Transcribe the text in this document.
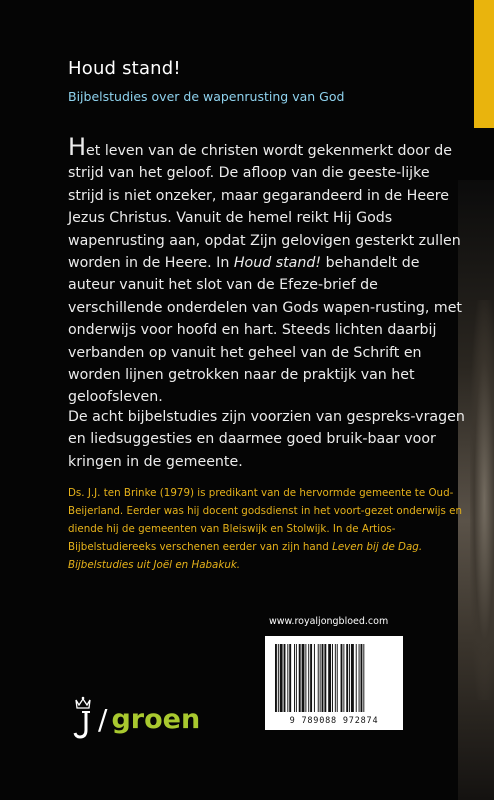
Houd stand!
Bijbelstudies over de wapenrusting van God

Het leven van de christen wordt gekenmerkt door de strijd van het geloof. De afloop van die geeste-lijke strijd is niet onzeker, maar gegarandeerd in de Heere Jezus Christus. Vanuit de hemel reikt Hij Gods wapenrusting aan, opdat Zijn gelovigen gesterkt zullen worden in de Heere. In Houd stand! behandelt de auteur vanuit het slot van de Efeze-brief de verschillende onderdelen van Gods wapen-rusting, met onderwijs voor hoofd en hart. Steeds lichten daarbij verbanden op vanuit het geheel van de Schrift en worden lijnen getrokken naar de praktijk van het geloofsleven.

De acht bijbelstudies zijn voorzien van gespreks-vragen en liedsuggesties en daarmee goed bruik-baar voor kringen in de gemeente.

Ds. J.J. ten Brinke (1979) is predikant van de hervormde gemeente te Oud-Beijerland. Eerder was hij docent godsdienst in het voort-gezet onderwijs en diende hij de gemeenten van Bleiswijk en Stolwijk. In de Artios-Bijbelstudiereeks verschenen eerder van zijn hand Leven bij de Dag. Bijbelstudies uit Joël en Habakuk.

www.royaljongbloed.com
9 789088 972874
/ groen
